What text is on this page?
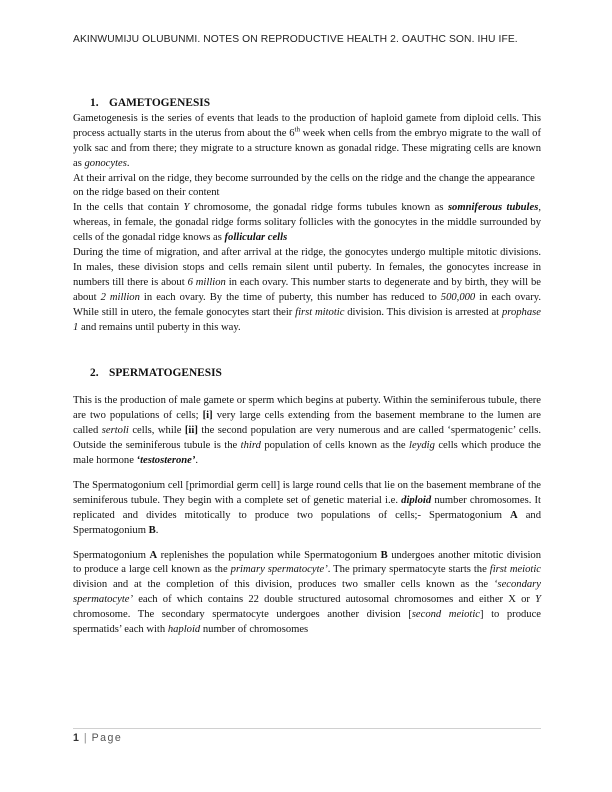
AKINWUMIJU OLUBUNMI. NOTES ON REPRODUCTIVE HEALTH 2. OAUTHC SON. IHU IFE.
1. GAMETOGENESIS

Gametogenesis is the series of events that leads to the production of haploid gamete from diploid cells. This process actually starts in the uterus from about the 6th week when cells from the embryo migrate to the wall of yolk sac and from there; they migrate to a structure known as gonadal ridge. These migrating cells are known as gonocytes.

At their arrival on the ridge, they become surrounded by the cells on the ridge and the change the appearance on the ridge based on their content

In the cells that contain Y chromosome, the gonadal ridge forms tubules known as somniferous tubules, whereas, in female, the gonadal ridge forms solitary follicles with the gonocytes in the middle surrounded by cells of the gonadal ridge knows as follicular cells

During the time of migration, and after arrival at the ridge, the gonocytes undergo multiple mitotic divisions. In males, these division stops and cells remain silent until puberty. In females, the gonocytes increase in numbers till there is about 6 million in each ovary. This number starts to degenerate and by birth, they will be about 2 million in each ovary. By the time of puberty, this number has reduced to 500,000 in each ovary. While still in utero, the female gonocytes start their first mitotic division. This division is arrested at prophase 1 and remains until puberty in this way.

2. SPERMATOGENESIS

This is the production of male gamete or sperm which begins at puberty. Within the seminiferous tubule, there are two populations of cells; [i] very large cells extending from the basement membrane to the lumen are called sertoli cells, while [ii] the second population are very numerous and are called ‘spermatogenic’ cells. Outside the seminiferous tubule is the third population of cells known as the leydig cells which produce the male hormone ‘testosterone’.

The Spermatogonium cell [primordial germ cell] is large round cells that lie on the basement membrane of the seminiferous tubule. They begin with a complete set of genetic material i.e. diploid number chromosomes. It replicated and divides mitotically to produce two populations of cells;- Spermatogonium A and Spermatogonium B.

Spermatogonium A replenishes the population while Spermatogonium B undergoes another mitotic division to produce a large cell known as the primary spermatocyte’. The primary spermatocyte starts the first meiotic division and at the completion of this division, produces two smaller cells known as the ‘secondary spermatocyte’ each of which contains 22 double structured autosomal chromosomes and either X or Y chromosome. The secondary spermatocyte undergoes another division [second meiotic] to produce spermatids’ each with haploid number of chromosomes

1 | Page
